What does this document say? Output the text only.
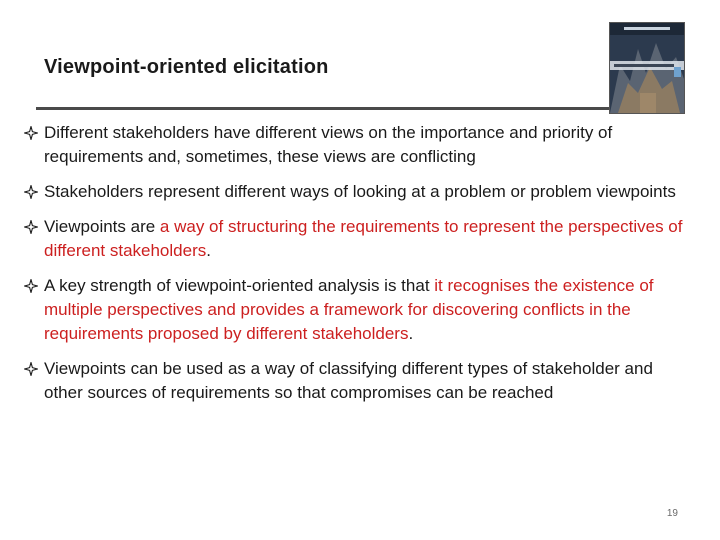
Viewpoint-oriented elicitation
Different stakeholders have different views on the importance and priority of requirements and, sometimes, these views are conflicting
Stakeholders represent different ways of looking at a problem or problem viewpoints
Viewpoints are a way of structuring the requirements to represent the perspectives of different stakeholders.
A key strength of viewpoint-oriented analysis is that it recognises the existence of multiple perspectives and provides a framework for discovering conflicts in the requirements proposed by different stakeholders.
Viewpoints can be used as a way of classifying different types of stakeholder and other sources of requirements so that compromises can be reached
19
